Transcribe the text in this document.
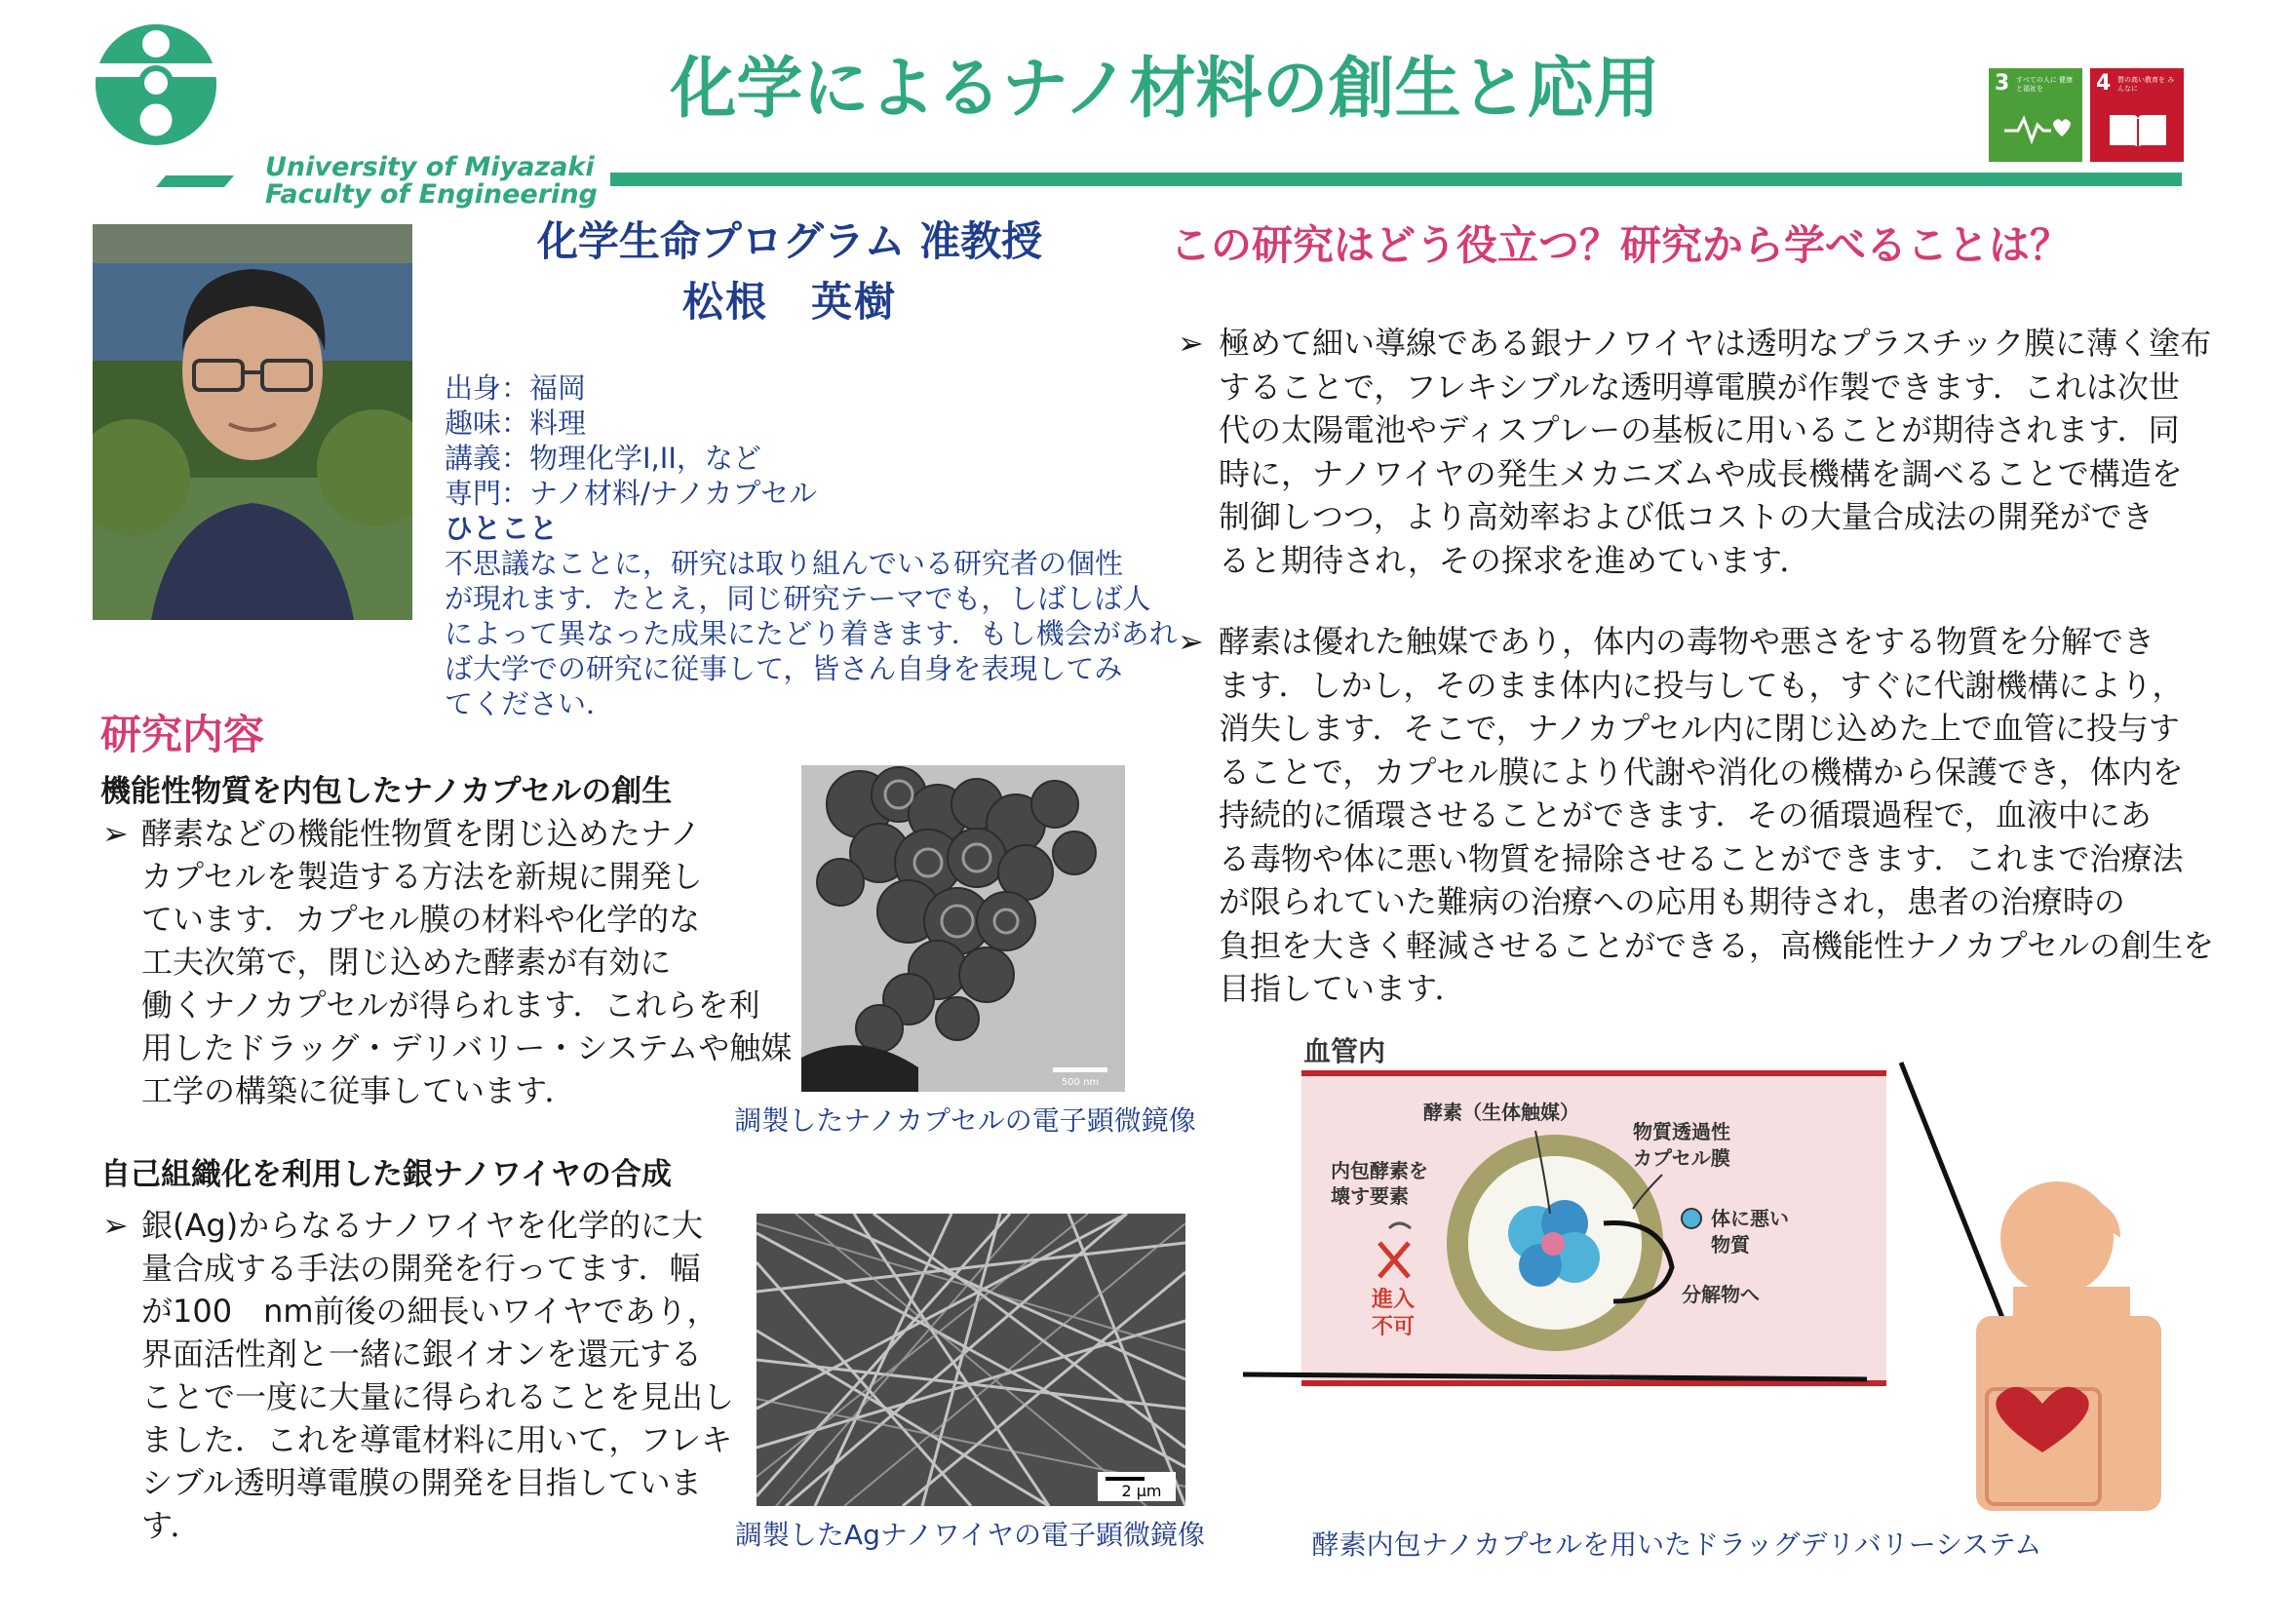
University of Miyazaki
Faculty of Engineering
化学によるナノ材料の創生と応用	3 すべての人に 健康と福祉を	4 質の高い教育を みんなに
化学生命プログラム 准教授
松根　英樹
出身：福岡
趣味：料理
講義：物理化学I,II，など
専門：ナノ材料/ナノカプセル
ひとこと
不思議なことに，研究は取り組んでいる研究者の個性
が現れます．たとえ，同じ研究テーマでも，しばしば人
によって異なった成果にたどり着きます．もし機会があれ
ば大学での研究に従事して，皆さん自身を表現してみ
てください．
研究内容
機能性物質を内包したナノカプセルの創生
➢ 酵素などの機能性物質を閉じ込めたナノ
カプセルを製造する方法を新規に開発し
ています．カプセル膜の材料や化学的な
工夫次第で，閉じ込めた酵素が有効に
働くナノカプセルが得られます．これらを利
用したドラッグ・デリバリー・システムや触媒
工学の構築に従事しています．
自己組織化を利用した銀ナノワイヤの合成
➢ 銀(Ag)からなるナノワイヤを化学的に大
量合成する手法の開発を行ってます．幅
が100　nm前後の細長いワイヤであり，
界面活性剤と一緒に銀イオンを還元する
ことで一度に大量に得られることを見出し
ました．これを導電材料に用いて，フレキ
シブル透明導電膜の開発を目指していま
す．
500 nm
調製したナノカプセルの電子顕微鏡像
2 μm
調製したAgナノワイヤの電子顕微鏡像
この研究はどう役立つ？研究から学べることは？
➢ 極めて細い導線である銀ナノワイヤは透明なプラスチック膜に薄く塗布
することで，フレキシブルな透明導電膜が作製できます．これは次世
代の太陽電池やディスプレーの基板に用いることが期待されます．同
時に，ナノワイヤの発生メカニズムや成長機構を調べることで構造を
制御しつつ，より高効率および低コストの大量合成法の開発ができ
ると期待され，その探求を進めています．
➢ 酵素は優れた触媒であり，体内の毒物や悪さをする物質を分解でき
ます．しかし，そのまま体内に投与しても，すぐに代謝機構により，
消失します．そこで，ナノカプセル内に閉じ込めた上で血管に投与す
ることで，カプセル膜により代謝や消化の機構から保護でき，体内を
持続的に循環させることができます．その循環過程で，血液中にあ
る毒物や体に悪い物質を掃除させることができます．これまで治療法
が限られていた難病の治療への応用も期待され，患者の治療時の
負担を大きく軽減させることができる，高機能性ナノカプセルの創生を
目指しています．
血管内
酵素（生体触媒）
物質透過性
カプセル膜
内包酵素を
壊す要素
進入
不可
体に悪い
物質
分解物へ
酵素内包ナノカプセルを用いたドラッグデリバリーシステム
